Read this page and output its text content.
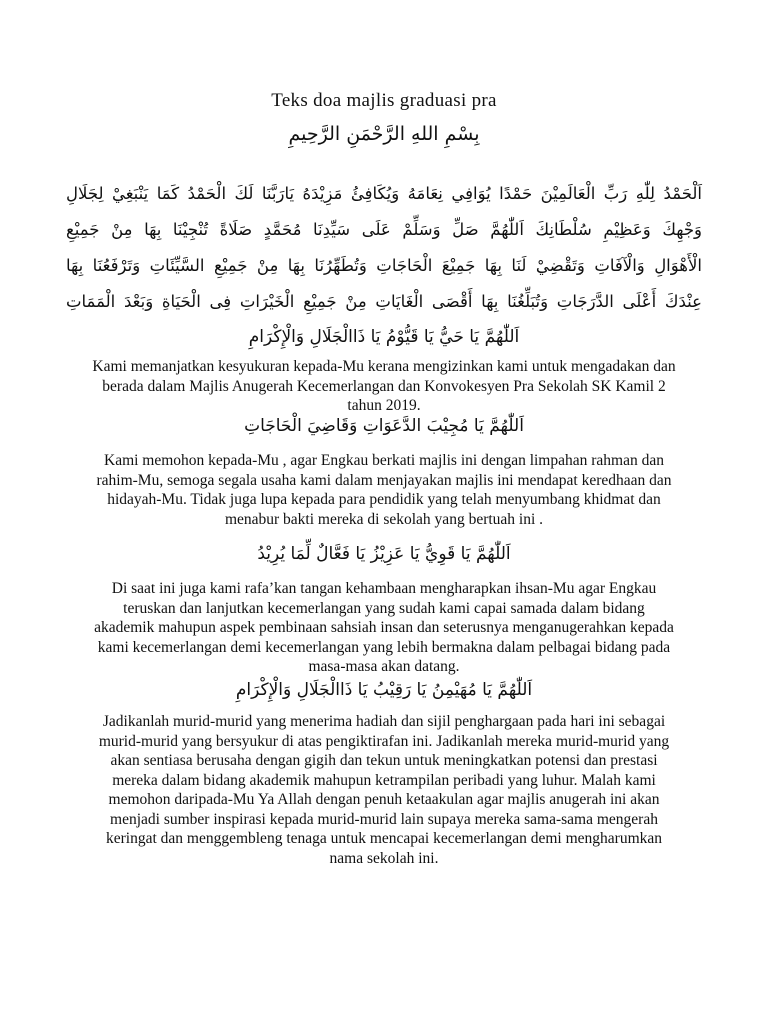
Teks doa majlis graduasi pra
بِسْمِ اللهِ الرَّحْمَنِ الرَّحِيمِ
اَلْحَمْدُ لِلّٰهِ رَبِّ الْعَالَمِيْنَ حَمْدًا يُوَافِي نِعَامَهُ وَيُكَافِئُ مَزِيْدَهُ يَارَبَّنَا لَكَ الْحَمْدُ كَمَا يَنْبَغِيْ لِجَلَالِ
وَجْهِكَ وَعَظِيْمِ سُلْطَانِكَ اَللّٰهُمَّ صَلِّ وَسَلِّمْ عَلَى سَيِّدِنَا مُحَمَّدٍ صَلَاةً تُنْجِيْنَا بِهَا مِنْ جَمِيْعِ
الْأَهْوَالِ وَالْآفَاتِ وَتَقْضِيْ لَنَا بِهَا جَمِيْعَ الْحَاجَاتِ وَتُطَهِّرُنَا بِهَا مِنْ جَمِيْعِ السَّيِّئَاتِ وَتَرْفَعُنَا بِهَا
عِنْدَكَ أَعْلَى الدَّرَجَاتِ وَتُبَلِّغُنَا بِهَا أَقْصَى الْغَايَاتِ مِنْ جَمِيْعِ الْخَيْرَاتِ فِى الْحَيَاةِ وَبَعْدَ الْمَمَاتِ
اَللّٰهُمَّ يَا حَيُّ يَا قَيُّوْمُ يَا ذَاالْجَلَالِ وَالْإِكْرَامِ
Kami memanjatkan kesyukuran kepada-Mu kerana mengizinkan kami untuk mengadakan dan berada dalam Majlis Anugerah Kecemerlangan dan Konvokesyen Pra Sekolah SK Kamil 2 tahun 2019.
اَللّٰهُمَّ يَا مُجِيْبَ الدَّعَوَاتِ وَقَاضِيَ الْحَاجَاتِ
Kami memohon kepada-Mu , agar Engkau berkati majlis ini dengan limpahan rahman dan rahim-Mu, semoga segala usaha kami dalam menjayakan majlis ini mendapat keredhaan dan hidayah-Mu. Tidak juga lupa kepada para pendidik yang telah menyumbang khidmat dan menabur bakti mereka di sekolah yang bertuah ini .
اَللّٰهُمَّ يَا قَوِيُّ يَا عَزِيْزُ يَا فَعَّالٌ لِّمَا يُرِيْدُ
Di saat ini juga kami rafa’kan tangan kehambaan mengharapkan ihsan-Mu agar Engkau teruskan dan lanjutkan kecemerlangan yang sudah kami capai samada dalam bidang akademik mahupun aspek pembinaan sahsiah insan dan seterusnya menganugerahkan kepada kami kecemerlangan demi kecemerlangan yang lebih bermakna dalam pelbagai bidang pada masa-masa akan datang.
اَللّٰهُمَّ يَا مُهَيْمِنُ يَا رَقِيْبُ يَا ذَاالْجَلَالِ وَالْإِكْرَامِ
Jadikanlah murid-murid yang menerima hadiah dan sijil penghargaan pada hari ini sebagai murid-murid yang bersyukur di atas pengiktirafan ini. Jadikanlah mereka murid-murid yang akan sentiasa berusaha dengan gigih dan tekun untuk meningkatkan potensi dan prestasi mereka dalam bidang akademik mahupun ketrampilan peribadi yang luhur. Malah kami memohon daripada-Mu Ya Allah dengan penuh ketaakulan agar majlis anugerah ini akan menjadi sumber inspirasi kepada murid-murid lain supaya mereka sama-sama mengerah keringat dan menggembleng tenaga untuk mencapai kecemerlangan demi mengharumkan nama sekolah ini.
